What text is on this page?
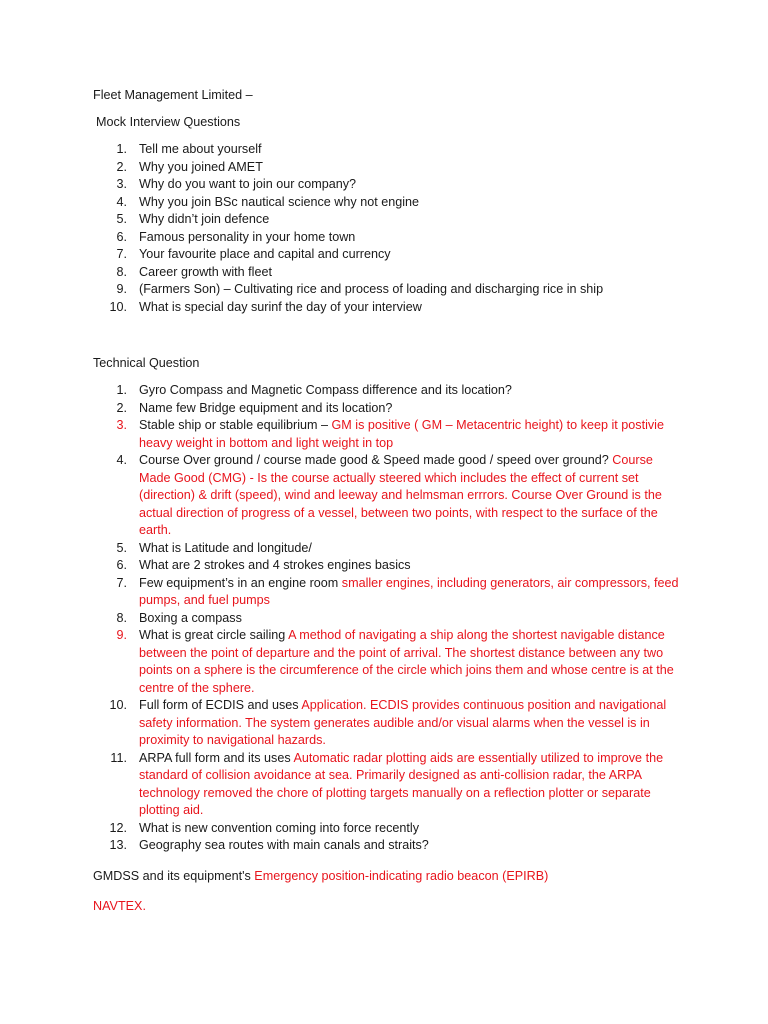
Fleet Management Limited –
Mock Interview Questions
1. Tell me about yourself
2. Why you joined AMET
3. Why do you want to join our company?
4. Why you join BSc nautical science why not engine
5. Why didn’t join defence
6. Famous personality in your home town
7. Your favourite place and capital and currency
8. Career growth with fleet
9. (Farmers Son) – Cultivating rice and process of loading and discharging rice in ship
10. What is special day surinf the day of your interview
Technical Question
1. Gyro Compass and Magnetic Compass difference and its location?
2. Name few Bridge equipment and its location?
3. Stable ship or stable equilibrium – GM is positive ( GM – Metacentric height) to keep it postivie heavy weight in bottom and light weight in top
4. Course Over ground / course made good & Speed made good / speed over ground? Course Made Good (CMG) - Is the course actually steered which includes the effect of current set (direction) & drift (speed), wind and leeway and helmsman errrors. Course Over Ground is the actual direction of progress of a vessel, between two points, with respect to the surface of the earth.
5. What is Latitude and longitude/
6. What are 2 strokes and 4 strokes engines basics
7. Few equipment’s in an engine room smaller engines, including generators, air compressors, feed pumps, and fuel pumps
8. Boxing a compass
9. What is great circle sailing A method of navigating a ship along the shortest navigable distance between the point of departure and the point of arrival. The shortest distance between any two points on a sphere is the circumference of the circle which joins them and whose centre is at the centre of the sphere.
10. Full form of ECDIS and uses Application. ECDIS provides continuous position and navigational safety information. The system generates audible and/or visual alarms when the vessel is in proximity to navigational hazards.
11. ARPA full form and its uses Automatic radar plotting aids are essentially utilized to improve the standard of collision avoidance at sea. Primarily designed as anti-collision radar, the ARPA technology removed the chore of plotting targets manually on a reflection plotter or separate plotting aid.
12. What is new convention coming into force recently
13. Geography sea routes with main canals and straits?
GMDSS and its equipment's Emergency position-indicating radio beacon (EPIRB)
NAVTEX.
